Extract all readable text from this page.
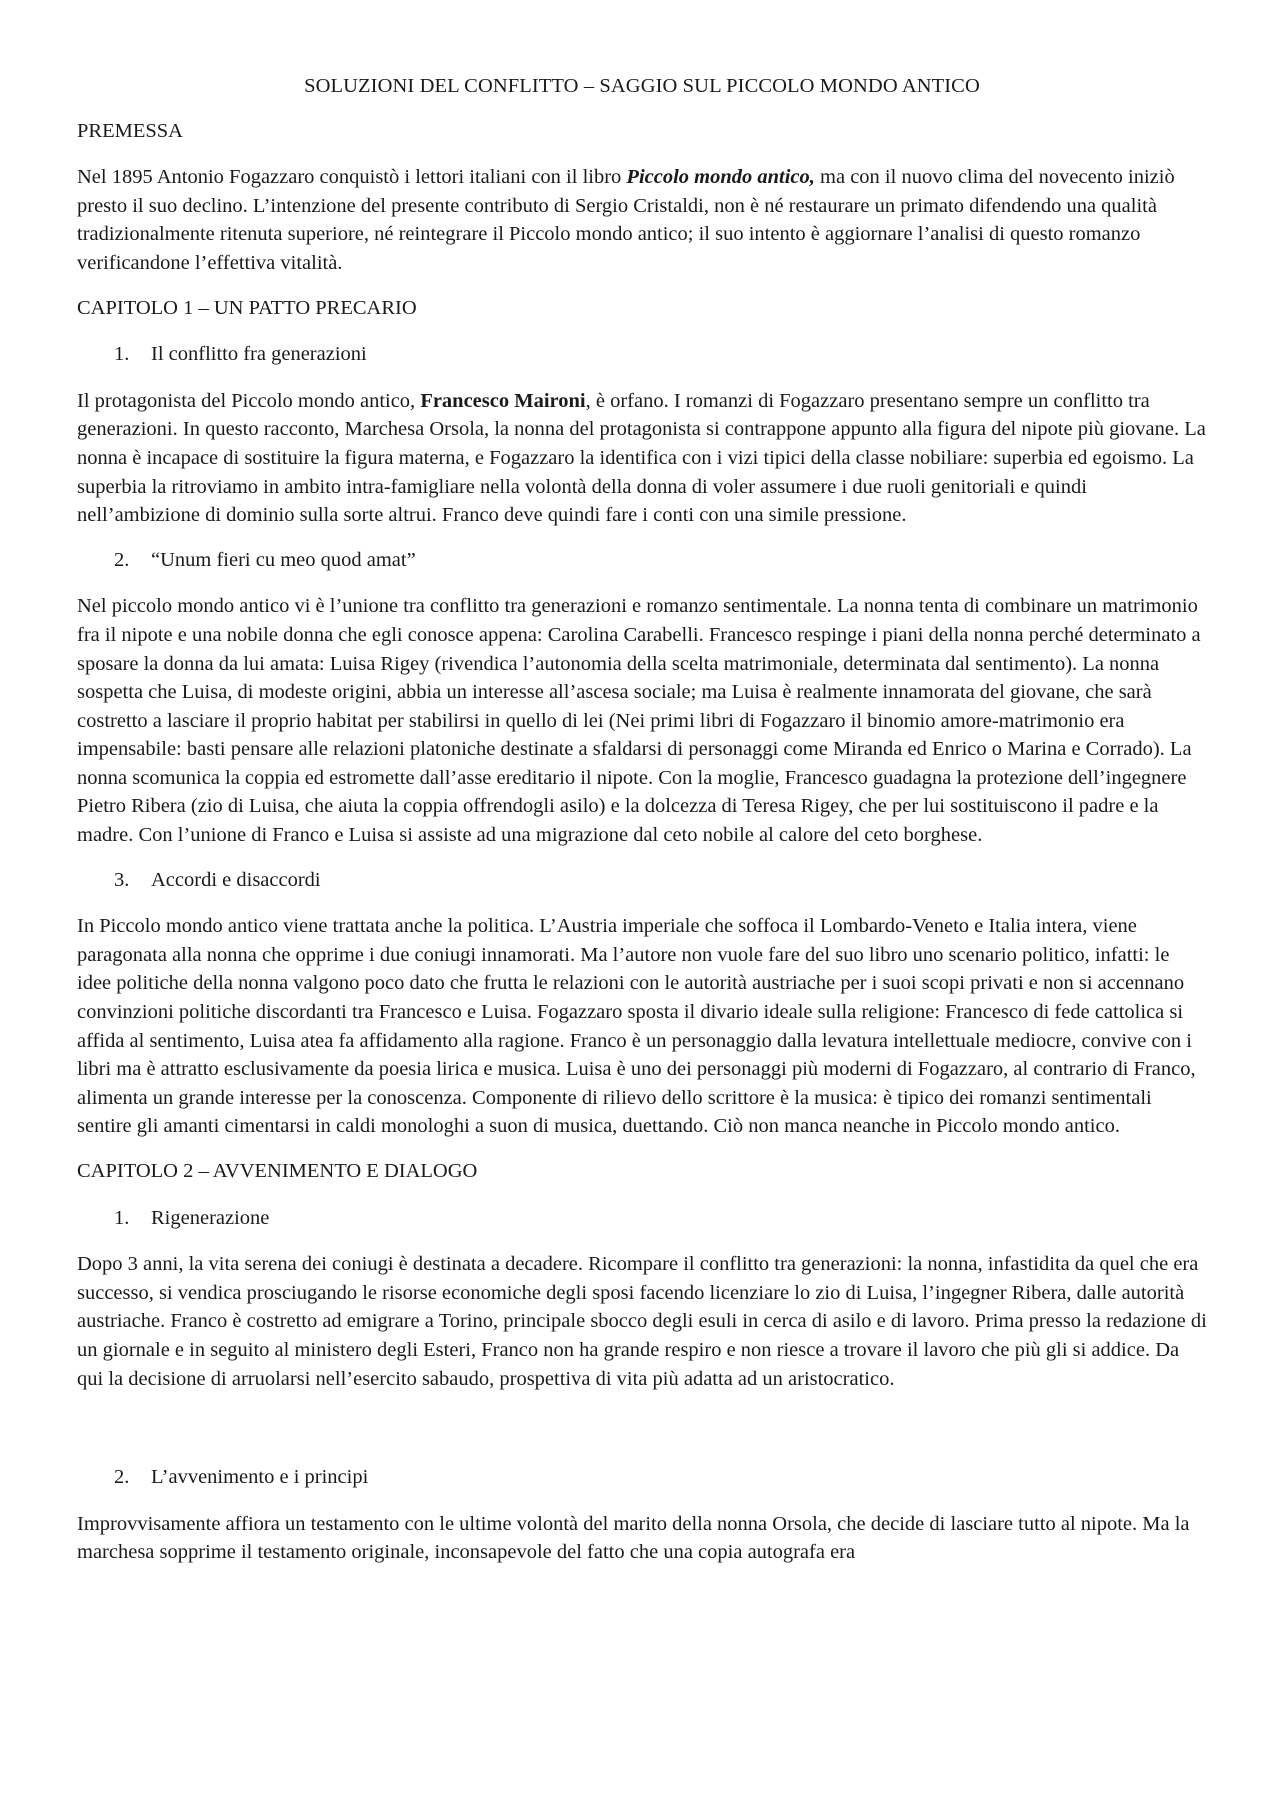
SOLUZIONI DEL CONFLITTO – SAGGIO SUL PICCOLO MONDO ANTICO
PREMESSA

Nel 1895 Antonio Fogazzaro conquistò i lettori italiani con il libro Piccolo mondo antico, ma con il nuovo clima del novecento iniziò presto il suo declino. L’intenzione del presente contributo di Sergio Cristaldi, non è né restaurare un primato difendendo una qualità tradizionalmente ritenuta superiore, né reintegrare il Piccolo mondo antico; il suo intento è aggiornare l’analisi di questo romanzo verificandone l’effettiva vitalità.

CAPITOLO 1 – UN PATTO PRECARIO
1.	Il conflitto fra generazioni

Il protagonista del Piccolo mondo antico, Francesco Maironi, è orfano. I romanzi di Fogazzaro presentano sempre un conflitto tra generazioni. In questo racconto, Marchesa Orsola, la nonna del protagonista si contrappone appunto alla figura del nipote più giovane. La nonna è incapace di sostituire la figura materna, e Fogazzaro la identifica con i vizi tipici della classe nobiliare: superbia ed egoismo. La superbia la ritroviamo in ambito intra-famigliare nella volontà della donna di voler assumere i due ruoli genitoriali e quindi nell’ambizione di dominio sulla sorte altrui. Franco deve quindi fare i conti con una simile pressione.

2.	“Unum fieri cu meo quod amat”

Nel piccolo mondo antico vi è l’unione tra conflitto tra generazioni e romanzo sentimentale. La nonna tenta di combinare un matrimonio fra il nipote e una nobile donna che egli conosce appena: Carolina Carabelli. Francesco respinge i piani della nonna perché determinato a sposare la donna da lui amata: Luisa Rigey (rivendica l’autonomia della scelta matrimoniale, determinata dal sentimento). La nonna sospetta che Luisa, di modeste origini, abbia un interesse all’ascesa sociale; ma Luisa è realmente innamorata del giovane, che sarà costretto a lasciare il proprio habitat per stabilirsi in quello di lei (Nei primi libri di Fogazzaro il binomio amore-matrimonio era impensabile: basti pensare alle relazioni platoniche destinate a sfaldarsi di personaggi come Miranda ed Enrico o Marina e Corrado). La nonna scomunica la coppia ed estromette dall’asse ereditario il nipote. Con la moglie, Francesco guadagna la protezione dell’ingegnere Pietro Ribera (zio di Luisa, che aiuta la coppia offrendogli asilo) e la dolcezza di Teresa Rigey, che per lui sostituiscono il padre e la madre. Con l’unione di Franco e Luisa si assiste ad una migrazione dal ceto nobile al calore del ceto borghese.

3.	Accordi e disaccordi

In Piccolo mondo antico viene trattata anche la politica. L’Austria imperiale che soffoca il Lombardo-Veneto e Italia intera, viene paragonata alla nonna che opprime i due coniugi innamorati. Ma l’autore non vuole fare del suo libro uno scenario politico, infatti: le idee politiche della nonna valgono poco dato che frutta le relazioni con le autorità austriache per i suoi scopi privati e non si accennano convinzioni politiche discordanti tra Francesco e Luisa. Fogazzaro sposta il divario ideale sulla religione: Francesco di fede cattolica si affida al sentimento, Luisa atea fa affidamento alla ragione. Franco è un personaggio dalla levatura intellettuale mediocre, convive con i libri ma è attratto esclusivamente da poesia lirica e musica. Luisa è uno dei personaggi più moderni di Fogazzaro, al contrario di Franco, alimenta un grande interesse per la conoscenza. Componente di rilievo dello scrittore è la musica: è tipico dei romanzi sentimentali sentire gli amanti cimentarsi in caldi monologhi a suon di musica, duettando. Ciò non manca neanche in Piccolo mondo antico.

CAPITOLO 2 – AVVENIMENTO E DIALOGO
1.	Rigenerazione

Dopo 3 anni, la vita serena dei coniugi è destinata a decadere. Ricompare il conflitto tra generazioni: la nonna, infastidita da quel che era successo, si vendica prosciugando le risorse economiche degli sposi facendo licenziare lo zio di Luisa, l’ingegner Ribera, dalle autorità austriache. Franco è costretto ad emigrare a Torino, principale sbocco degli esuli in cerca di asilo e di lavoro. Prima presso la redazione di un giornale e in seguito al ministero degli Esteri, Franco non ha grande respiro e non riesce a trovare il lavoro che più gli si addice. Da qui la decisione di arruolarsi nell’esercito sabaudo, prospettiva di vita più adatta ad un aristocratico.

2.	L’avvenimento e i principi

Improvvisamente affiora un testamento con le ultime volontà del marito della nonna Orsola, che decide di lasciare tutto al nipote. Ma la marchesa sopprime il testamento originale, inconsapevole del fatto che una copia autografa era
